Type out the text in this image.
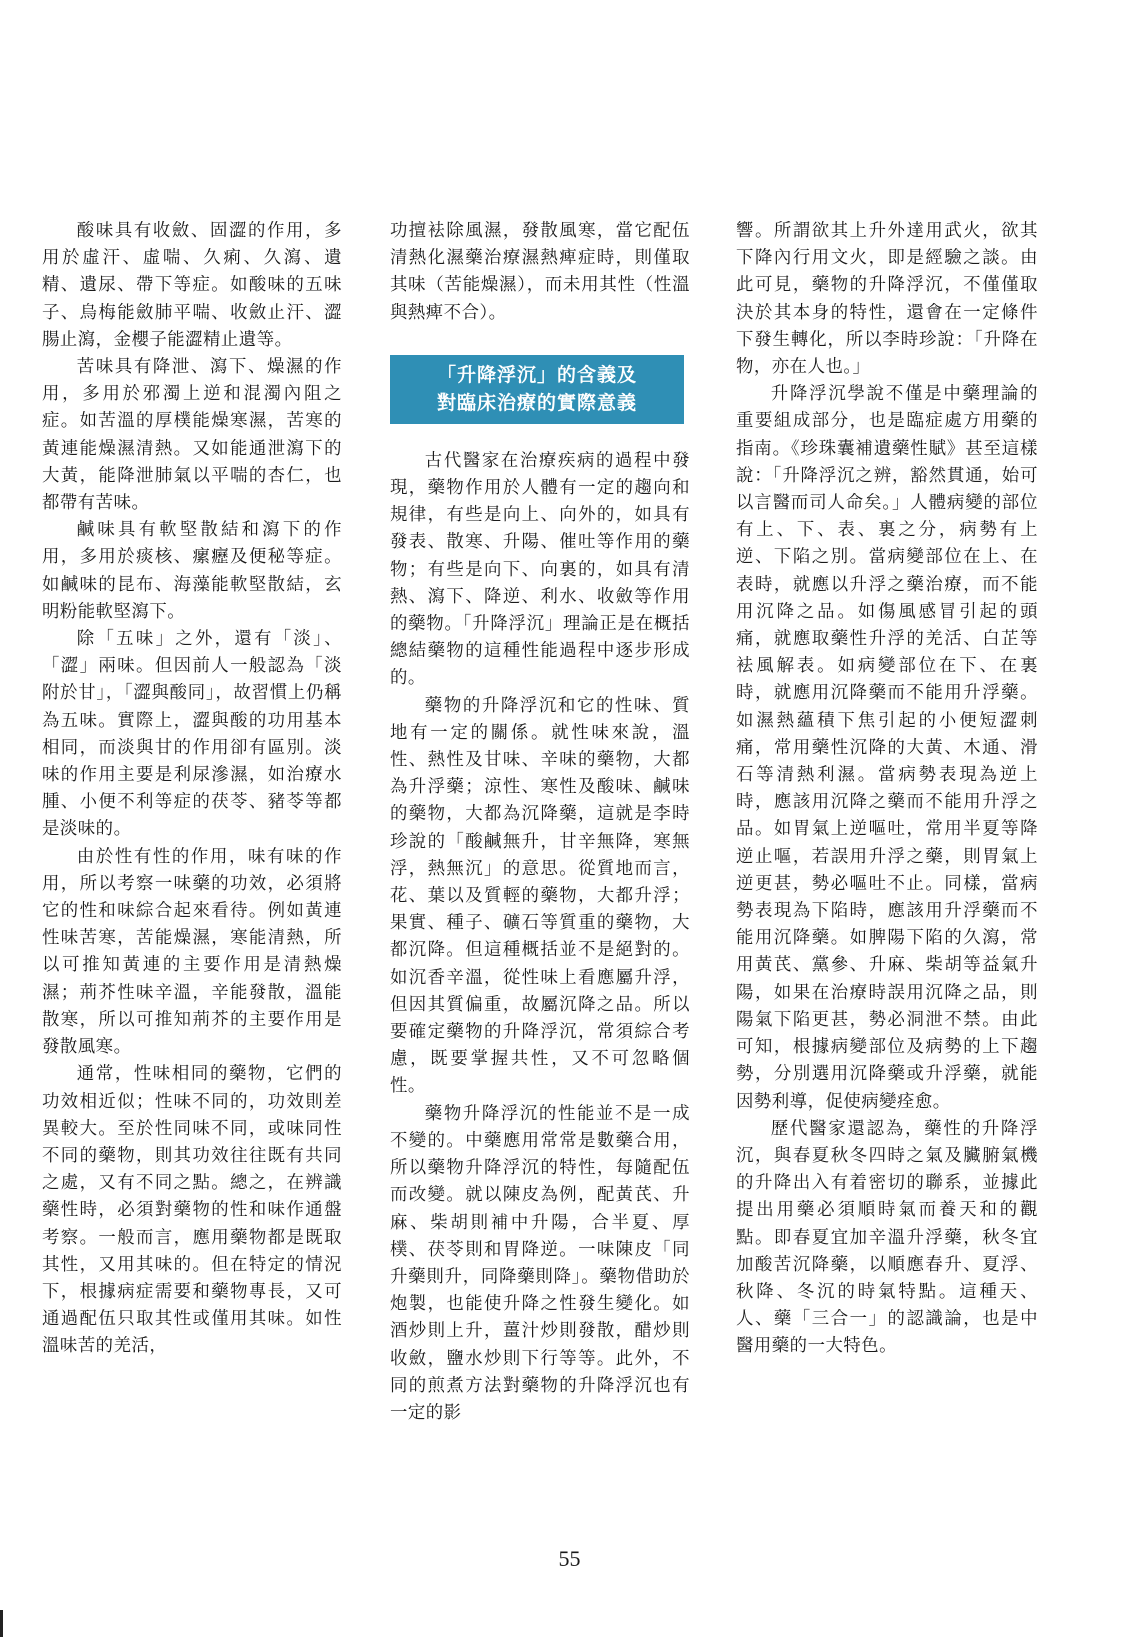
酸味具有收斂、固澀的作用，多用於虛汗、虛喘、久痢、久瀉、遺精、遺尿、帶下等症。如酸味的五味子、烏梅能斂肺平喘、收斂止汗、澀腸止瀉，金櫻子能澀精止遺等。

苦味具有降泄、瀉下、燥濕的作用，多用於邪濁上逆和混濁內阻之症。如苦溫的厚樸能燥寒濕，苦寒的黃連能燥濕清熱。又如能通泄瀉下的大黃，能降泄肺氣以平喘的杏仁，也都帶有苦味。

鹹味具有軟堅散結和瀉下的作用，多用於痰核、瘰癧及便秘等症。如鹹味的昆布、海藻能軟堅散結，玄明粉能軟堅瀉下。

除「五味」之外，還有「淡」、「澀」兩味。但因前人一般認為「淡附於甘」，「澀與酸同」，故習慣上仍稱為五味。實際上，澀與酸的功用基本相同，而淡與甘的作用卻有區別。淡味的作用主要是利尿滲濕，如治療水腫、小便不利等症的茯苓、豬苓等都是淡味的。

由於性有性的作用，味有味的作用，所以考察一味藥的功效，必須將它的性和味綜合起來看待。例如黃連性味苦寒，苦能燥濕，寒能清熱，所以可推知黃連的主要作用是清熱燥濕；荊芥性味辛溫，辛能發散，溫能散寒，所以可推知荊芥的主要作用是發散風寒。

通常，性味相同的藥物，它們的功效相近似；性味不同的，功效則差異較大。至於性同味不同，或味同性不同的藥物，則其功效往往既有共同之處，又有不同之點。總之，在辨識藥性時，必須對藥物的性和味作通盤考察。一般而言，應用藥物都是既取其性，又用其味的。但在特定的情況下，根據病症需要和藥物專長，又可通過配伍只取其性或僅用其味。如性溫味苦的羌活，

功擅袪除風濕，發散風寒，當它配伍清熱化濕藥治療濕熱痺症時，則僅取其味（苦能燥濕），而未用其性（性溫與熱痺不合）。

「升降浮沉」的含義及
對臨床治療的實際意義

古代醫家在治療疾病的過程中發現，藥物作用於人體有一定的趨向和規律，有些是向上、向外的，如具有發表、散寒、升陽、催吐等作用的藥物；有些是向下、向裏的，如具有清熱、瀉下、降逆、利水、收斂等作用的藥物。「升降浮沉」理論正是在概括總結藥物的這種性能過程中逐步形成的。

藥物的升降浮沉和它的性味、質地有一定的關係。就性味來說，溫性、熱性及甘味、辛味的藥物，大都為升浮藥；涼性、寒性及酸味、鹹味的藥物，大都為沉降藥，這就是李時珍說的「酸鹹無升，甘辛無降，寒無浮，熱無沉」的意思。從質地而言，花、葉以及質輕的藥物，大都升浮；果實、種子、礦石等質重的藥物，大都沉降。但這種概括並不是絕對的。如沉香辛溫，從性味上看應屬升浮，但因其質偏重，故屬沉降之品。所以要確定藥物的升降浮沉，常須綜合考慮，既要掌握共性，又不可忽略個性。

藥物升降浮沉的性能並不是一成不變的。中藥應用常常是數藥合用，所以藥物升降浮沉的特性，每隨配伍而改變。就以陳皮為例，配黃芪、升麻、柴胡則補中升陽，合半夏、厚樸、茯苓則和胃降逆。一味陳皮「同升藥則升，同降藥則降」。藥物借助於炮製，也能使升降之性發生變化。如酒炒則上升，薑汁炒則發散，醋炒則收斂，鹽水炒則下行等等。此外，不同的煎煮方法對藥物的升降浮沉也有一定的影

響。所謂欲其上升外達用武火，欲其下降內行用文火，即是經驗之談。由此可見，藥物的升降浮沉，不僅僅取決於其本身的特性，還會在一定條件下發生轉化，所以李時珍說：「升降在物，亦在人也。」

升降浮沉學說不僅是中藥理論的重要組成部分，也是臨症處方用藥的指南。《珍珠囊補遺藥性賦》甚至這樣說：「升降浮沉之辨，豁然貫通，始可以言醫而司人命矣。」人體病變的部位有上、下、表、裏之分，病勢有上逆、下陷之別。當病變部位在上、在表時，就應以升浮之藥治療，而不能用沉降之品。如傷風感冒引起的頭痛，就應取藥性升浮的羌活、白芷等袪風解表。如病變部位在下、在裏時，就應用沉降藥而不能用升浮藥。如濕熱蘊積下焦引起的小便短澀刺痛，常用藥性沉降的大黃、木通、滑石等清熱利濕。當病勢表現為逆上時，應該用沉降之藥而不能用升浮之品。如胃氣上逆嘔吐，常用半夏等降逆止嘔，若誤用升浮之藥，則胃氣上逆更甚，勢必嘔吐不止。同樣，當病勢表現為下陷時，應該用升浮藥而不能用沉降藥。如脾陽下陷的久瀉，常用黃芪、黨參、升麻、柴胡等益氣升陽，如果在治療時誤用沉降之品，則陽氣下陷更甚，勢必洞泄不禁。由此可知，根據病變部位及病勢的上下趨勢，分別選用沉降藥或升浮藥，就能因勢利導，促使病變痊愈。

歷代醫家還認為，藥性的升降浮沉，與春夏秋冬四時之氣及臟腑氣機的升降出入有着密切的聯系，並據此提出用藥必須順時氣而養天和的觀點。即春夏宜加辛溫升浮藥，秋冬宜加酸苦沉降藥，以順應春升、夏浮、秋降、冬沉的時氣特點。這種天、人、藥「三合一」的認識論，也是中醫用藥的一大特色。

55
